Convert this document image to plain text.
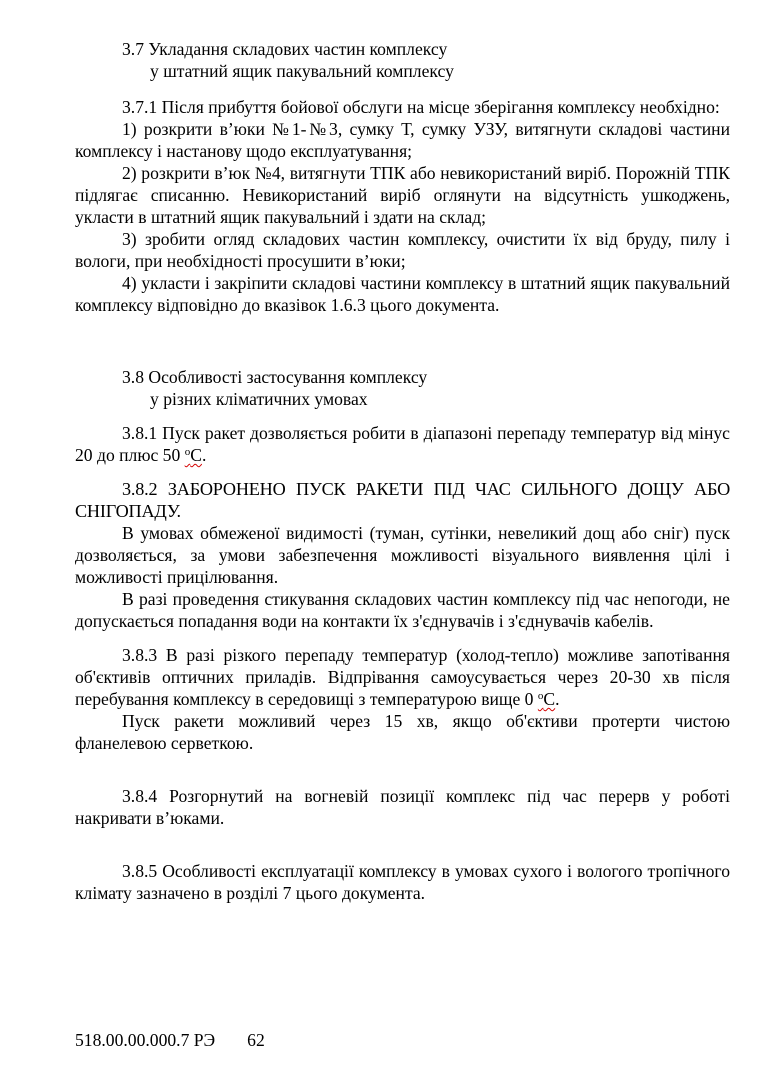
3.7 Укладання складових частин комплексу
у штатний ящик пакувальний комплексу

3.7.1 Після прибуття бойової обслуги на місце зберігання комплексу необхідно:

1) розкрити в’юки №1-№3, сумку Т, сумку УЗУ, витягнути складові частини комплексу і настанову щодо експлуатування;

2) розкрити в’юк №4, витягнути ТПК або невикористаний виріб. Порожній ТПК підлягає списанню. Невикористаний виріб оглянути на відсутність ушкоджень, укласти в штатний ящик пакувальний і здати на склад;

3) зробити огляд складових частин комплексу, очистити їх від бруду, пилу і вологи, при необхідності просушити в’юки;

4) укласти і закріпити складові частини комплексу в штатний ящик пакувальний комплексу відповідно до вказівок 1.6.3 цього документа.

3.8 Особливості застосування комплексу
у різних кліматичних умовах

3.8.1 Пуск ракет дозволяється робити в діапазоні перепаду температур від мінус 20 до плюс 50 $^о$С.

3.8.2 ЗАБОРОНЕНО ПУСК РАКЕТИ ПІД ЧАС СИЛЬНОГО ДОЩУ АБО СНІГОПАДУ.

В умовах обмеженої видимості (туман, сутінки, невеликий дощ або сніг) пуск дозволяється, за умови забезпечення можливості візуального виявлення цілі і можливості прицілювання.

В разі проведення стикування складових частин комплексу під час непогоди, не допускається попадання води на контакти їх з'єднувачів і з'єднувачів кабелів.

3.8.3 В разі різкого перепаду температур (холод-тепло) можливе запотівання об'єктивів оптичних приладів. Відпрівання самоусувається через 20-30 хв після перебування комплексу в середовищі з температурою вище 0 $^о$С.

Пуск ракети можливий через 15 хв, якщо об'єктиви протерти чистою фланелевою серветкою.

3.8.4 Розгорнутий на вогневій позиції комплекс під час перерв у роботі накривати в’юками.

3.8.5 Особливості експлуатації комплексу в умовах сухого і вологого тропічного клімату зазначено в розділі 7 цього документа.

518.00.00.000.7 РЭ 62
